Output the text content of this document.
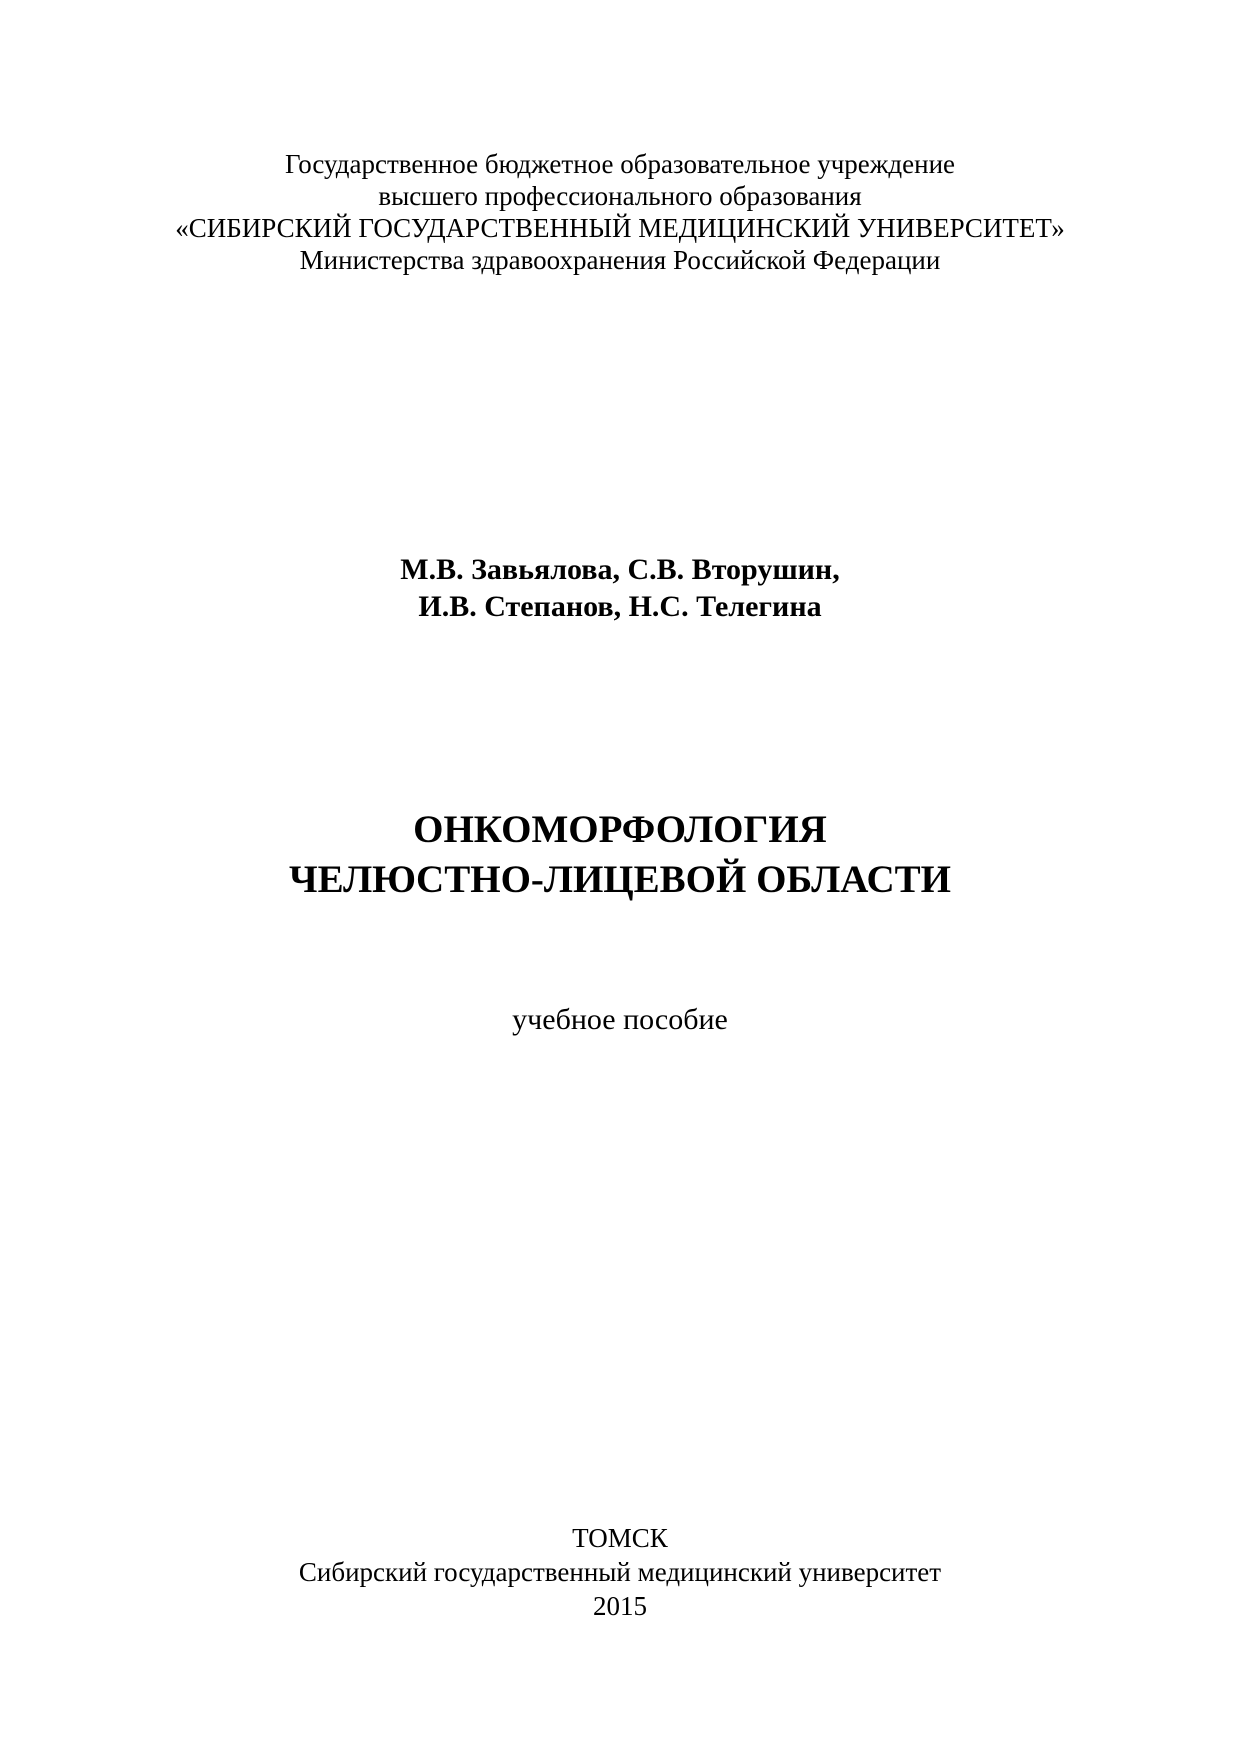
Государственное бюджетное образовательное учреждение
высшего профессионального образования
«СИБИРСКИЙ ГОСУДАРСТВЕННЫЙ МЕДИЦИНСКИЙ УНИВЕРСИТЕТ»
Министерства здравоохранения Российской Федерации
М.В. Завьялова, С.В. Вторушин,
И.В. Степанов, Н.С. Телегина
ОНКОМОРФОЛОГИЯ
ЧЕЛЮСТНО-ЛИЦЕВОЙ ОБЛАСТИ
учебное пособие
ТОМСК
Сибирский государственный медицинский университет
2015
